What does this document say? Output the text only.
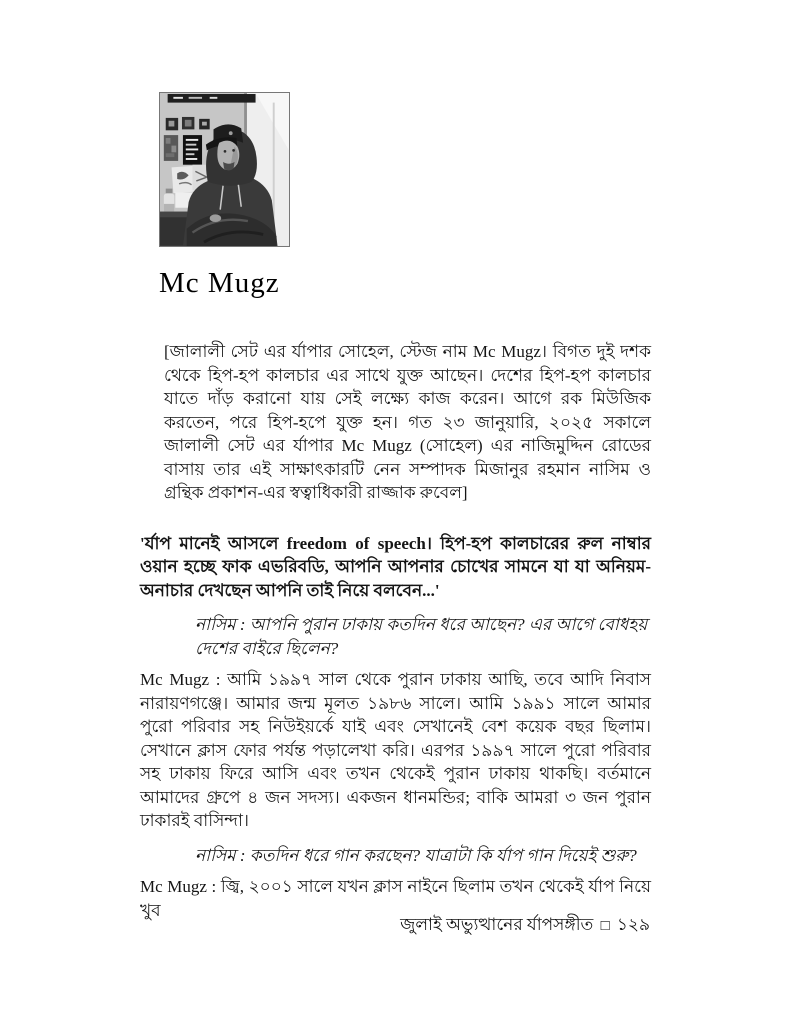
Mc Mugz

[জালালী সেট এর র্যাপার সোহেল, স্টেজ নাম Mc Mugz। বিগত দুই দশক থেকে হিপ-হপ কালচার এর সাথে যুক্ত আছেন। দেশের হিপ-হপ কালচার যাতে দাঁড় করানো যায় সেই লক্ষ্যে কাজ করেন। আগে রক মিউজিক করতেন, পরে হিপ-হপে যুক্ত হন। গত ২৩ জানুয়ারি, ২০২৫ সকালে জালালী সেট এর র্যাপার Mc Mugz (সোহেল) এর নাজিমুদ্দিন রোডের বাসায় তার এই সাক্ষাৎকারটি নেন সম্পাদক মিজানুর রহমান নাসিম ও গ্রন্থিক প্রকাশন-এর স্বত্বাধিকারী রাজ্জাক রুবেল]

'র্যাপ মানেই আসলে freedom of speech। হিপ-হপ কালচারের রুল নাম্বার ওয়ান হচ্ছে ফাক এভরিবডি, আপনি আপনার চোখের সামনে যা যা অনিয়ম-অনাচার দেখছেন আপনি তাই নিয়ে বলবেন...'

নাসিম : আপনি পুরান ঢাকায় কতদিন ধরে আছেন? এর আগে বোধহয় দেশের বাইরে ছিলেন?

Mc Mugz : আমি ১৯৯৭ সাল থেকে পুরান ঢাকায় আছি, তবে আদি নিবাস নারায়ণগঞ্জে। আমার জন্ম মূলত ১৯৮৬ সালে। আমি ১৯৯১ সালে আমার পুরো পরিবার সহ নিউইয়র্কে যাই এবং সেখানেই বেশ কয়েক বছর ছিলাম। সেখানে ক্লাস ফোর পর্যন্ত পড়ালেখা করি। এরপর ১৯৯৭ সালে পুরো পরিবার সহ ঢাকায় ফিরে আসি এবং তখন থেকেই পুরান ঢাকায় থাকছি। বর্তমানে আমাদের গ্রুপে ৪ জন সদস্য। একজন ধানমন্ডির; বাকি আমরা ৩ জন পুরান ঢাকারই বাসিন্দা।

নাসিম : কতদিন ধরে গান করছেন? যাত্রাটা কি র্যাপ গান দিয়েই শুরু?

Mc Mugz : জ্বি, ২০০১ সালে যখন ক্লাস নাইনে ছিলাম তখন থেকেই র্যাপ নিয়ে খুব

জুলাই অভ্যুত্থানের র্যাপসঙ্গীত □ ১২৯
